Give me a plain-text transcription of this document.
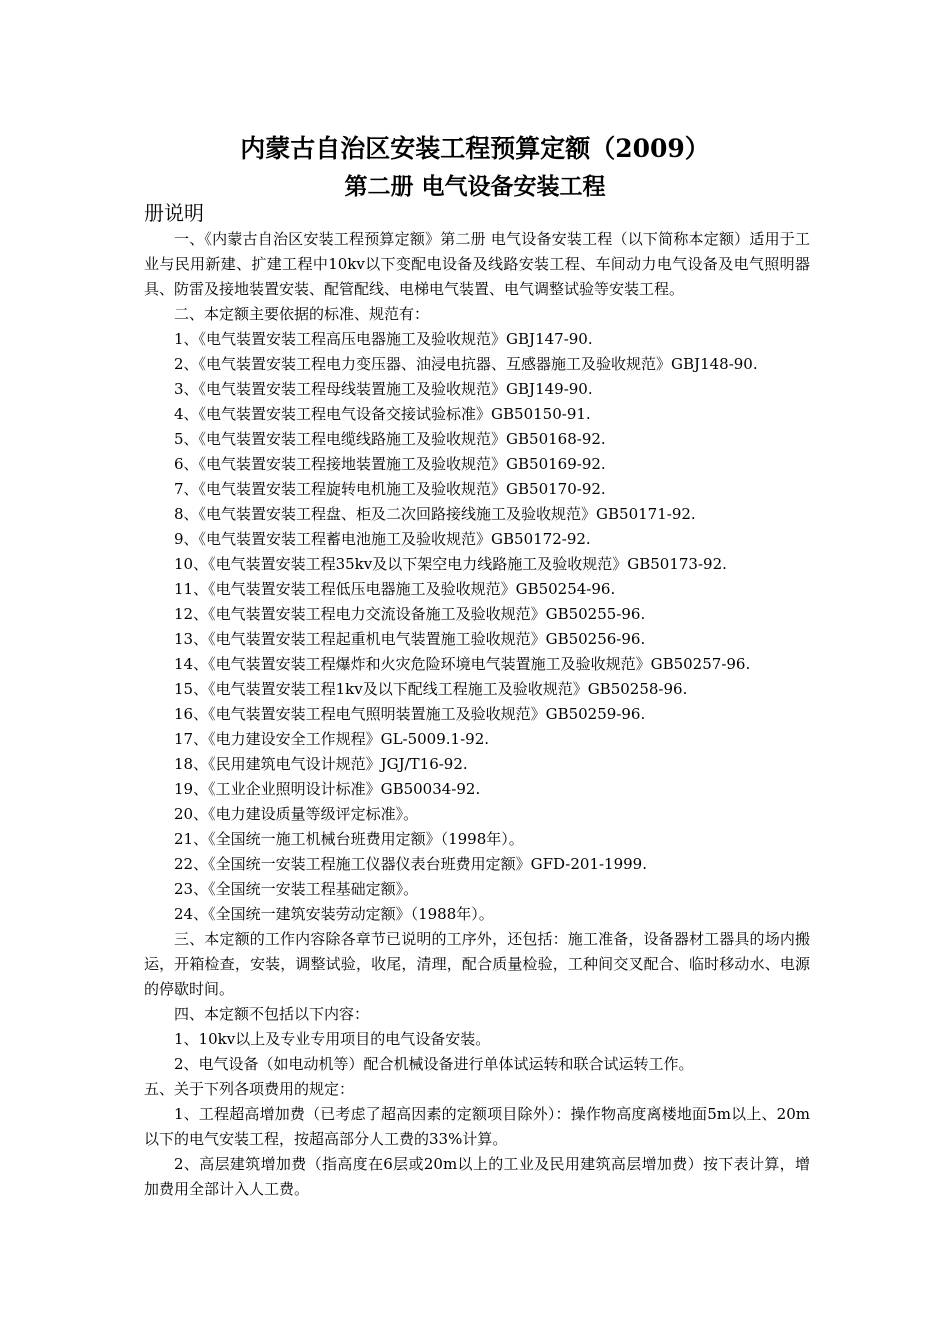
内蒙古自治区安装工程预算定额（2009）
第二册 电气设备安装工程
册说明

一、《内蒙古自治区安装工程预算定额》第二册 电气设备安装工程（以下简称本定额）适用于工业与民用新建、扩建工程中10kv以下变配电设备及线路安装工程、车间动力电气设备及电气照明器具、防雷及接地装置安装、配管配线、电梯电气装置、电气调整试验等安装工程。

二、本定额主要依据的标准、规范有：

1、《电气装置安装工程高压电器施工及验收规范》GBJ147-90.

2、《电气装置安装工程电力变压器、油浸电抗器、互感器施工及验收规范》GBJ148-90.

3、《电气装置安装工程母线装置施工及验收规范》GBJ149-90.

4、《电气装置安装工程电气设备交接试验标准》GB50150-91.

5、《电气装置安装工程电缆线路施工及验收规范》GB50168-92.

6、《电气装置安装工程接地装置施工及验收规范》GB50169-92.

7、《电气装置安装工程旋转电机施工及验收规范》GB50170-92.

8、《电气装置安装工程盘、柜及二次回路接线施工及验收规范》GB50171-92.

9、《电气装置安装工程蓄电池施工及验收规范》GB50172-92.

10、《电气装置安装工程35kv及以下架空电力线路施工及验收规范》GB50173-92.

11、《电气装置安装工程低压电器施工及验收规范》GB50254-96.

12、《电气装置安装工程电力交流设备施工及验收规范》GB50255-96.

13、《电气装置安装工程起重机电气装置施工验收规范》GB50256-96.

14、《电气装置安装工程爆炸和火灾危险环境电气装置施工及验收规范》GB50257-96.

15、《电气装置安装工程1kv及以下配线工程施工及验收规范》GB50258-96.

16、《电气装置安装工程电气照明装置施工及验收规范》GB50259-96.

17、《电力建设安全工作规程》GL-5009.1-92.

18、《民用建筑电气设计规范》JGJ/T16-92.

19、《工业企业照明设计标准》GB50034-92.

20、《电力建设质量等级评定标准》。

21、《全国统一施工机械台班费用定额》（1998年）。

22、《全国统一安装工程施工仪器仪表台班费用定额》GFD-201-1999.

23、《全国统一安装工程基础定额》。

24、《全国统一建筑安装劳动定额》（1988年）。

三、本定额的工作内容除各章节已说明的工序外，还包括：施工准备，设备器材工器具的场内搬运，开箱检查，安装，调整试验，收尾，清理，配合质量检验，工种间交叉配合、临时移动水、电源的停歇时间。

四、本定额不包括以下内容：

1、10kv以上及专业专用项目的电气设备安装。

2、电气设备（如电动机等）配合机械设备进行单体试运转和联合试运转工作。

五、关于下列各项费用的规定：

1、工程超高增加费（已考虑了超高因素的定额项目除外）：操作物高度离楼地面5m以上、20m以下的电气安装工程，按超高部分人工费的33%计算。

2、高层建筑增加费（指高度在6层或20m以上的工业及民用建筑高层增加费）按下表计算，增加费用全部计入人工费。
